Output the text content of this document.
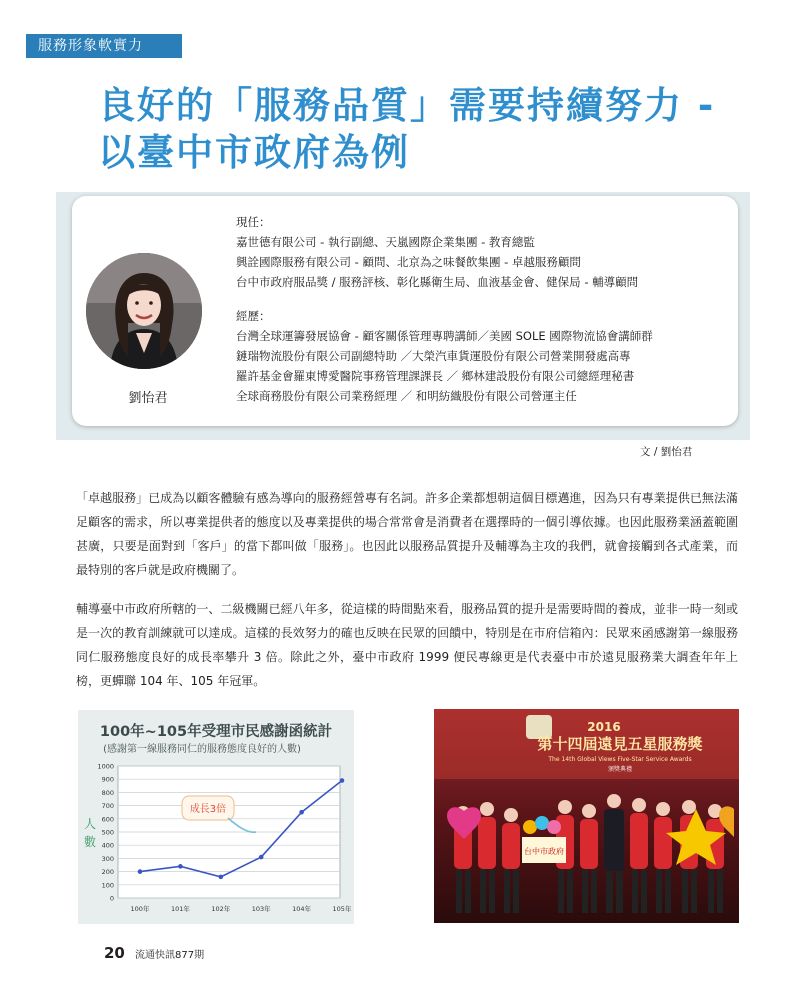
服務形象軟實力
良好的「服務品質」需要持續努力 -
以臺中市政府為例
劉怡君

現任：

嘉世德有限公司 - 執行副總、天嵐國際企業集團 - 教育總監

興詮國際服務有限公司 - 顧問、北京為之味餐飲集團 - 卓越服務顧問

台中市政府服品獎 / 服務評核、彰化縣衛生局、血液基金會、健保局 - 輔導顧問

經歷：

台灣全球運籌發展協會 - 顧客關係管理專聘講師／美國 SOLE 國際物流協會講師群

鏈瑞物流股份有限公司副總特助 ／大榮汽車貨運股份有限公司營業開發處高專

羅許基金會羅東博愛醫院事務管理課課長 ／ 鄉林建設股份有限公司總經理秘書

全球商務股份有限公司業務經理 ／ 和明紡織股份有限公司營運主任

文 / 劉怡君

「卓越服務」已成為以顧客體驗有感為導向的服務經營專有名詞。許多企業都想朝這個目標邁進，因為只有專業提供已無法滿足顧客的需求，所以專業提供者的態度以及專業提供的場合常常會是消費者在選擇時的一個引導依據。也因此服務業涵蓋範圍甚廣，只要是面對到「客戶」的當下都叫做「服務」。也因此以服務品質提升及輔導為主攻的我們，就會接觸到各式產業，而最特別的客戶就是政府機關了。

輔導臺中市政府所轄的一、二級機關已經八年多，從這樣的時間點來看，服務品質的提升是需要時間的養成，並非一時一刻或是一次的教育訓練就可以達成。這樣的長效努力的確也反映在民眾的回饋中，特別是在市府信箱內：民眾來函感謝第一線服務同仁服務態度良好的成長率攀升 3 倍。除此之外，臺中市政府 1999 便民專線更是代表臺中市於遠見服務業大調查年年上榜，更蟬聯 104 年、105 年冠軍。

100年~105年受理市民感謝函統計
(感謝第一線服務同仁的服務態度良好的人數)
0
100
200
300
400
500
600
700
800
900
1000
100年	101年	102年	103年	104年	105年
人
數
成長3倍
2016
第十四屆遠見五星服務獎
The 14th Global Views Five-Star Service Awards
頒獎典禮
台中市政府
20 流通快訊877期
